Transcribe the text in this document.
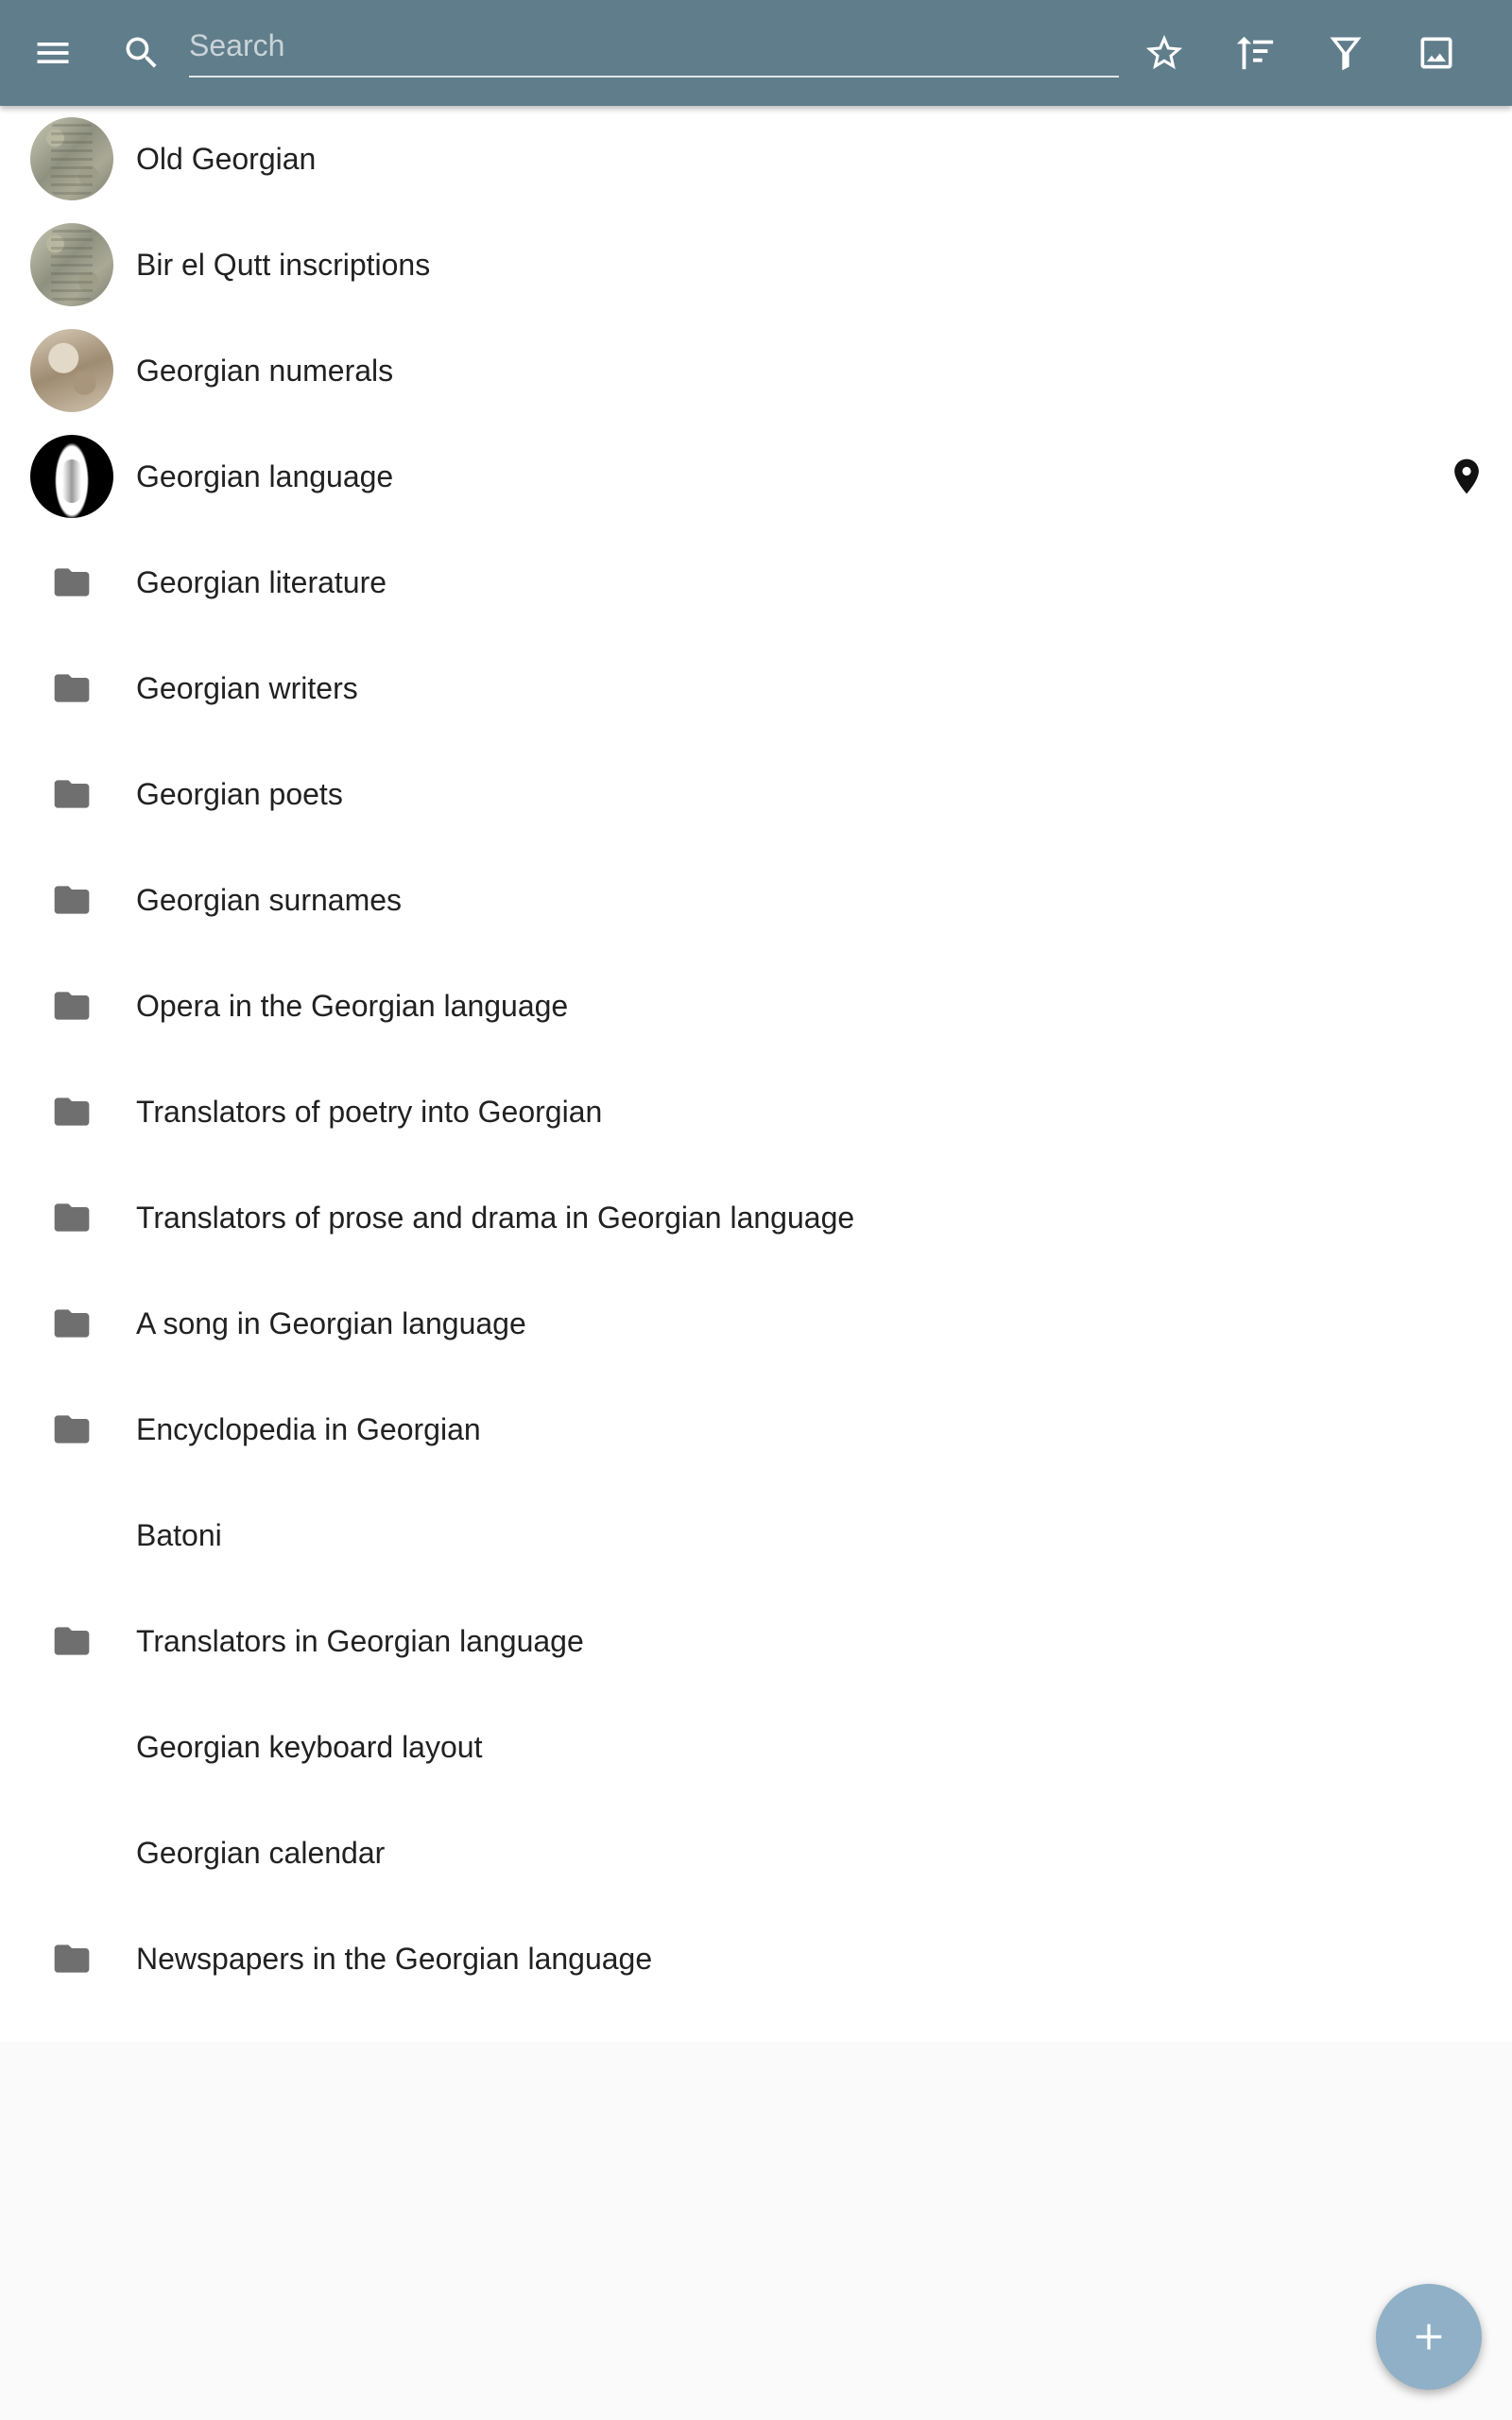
Search
Old Georgian
Bir el Qutt inscriptions
Georgian numerals
Georgian language
Georgian literature
Georgian writers
Georgian poets
Georgian surnames
Opera in the Georgian language
Translators of poetry into Georgian
Translators of prose and drama in Georgian language
A song in Georgian language
Encyclopedia in Georgian
Batoni
Translators in Georgian language
Georgian keyboard layout
Georgian calendar
Newspapers in the Georgian language
